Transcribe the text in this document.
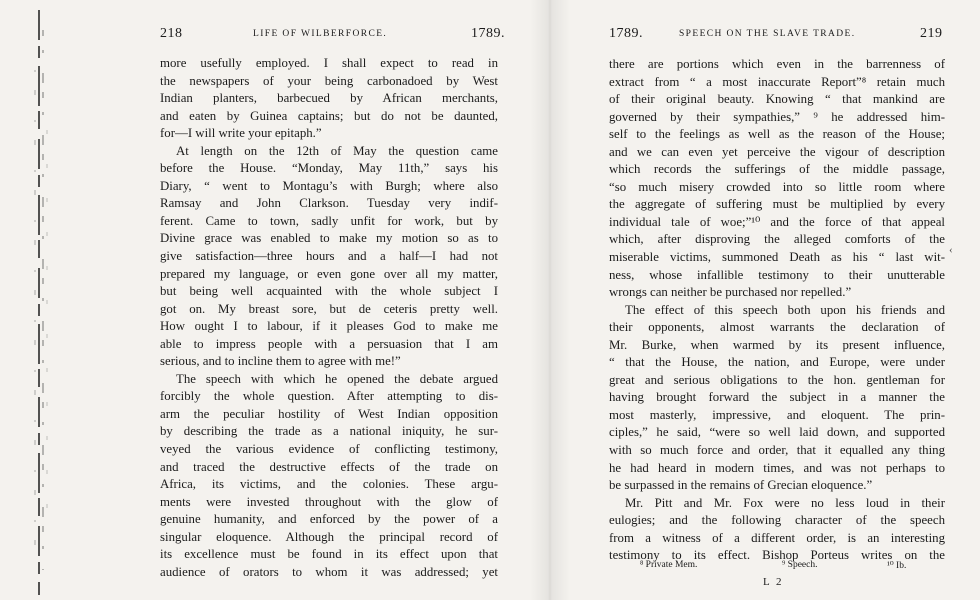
218	LIFE OF WILBERFORCE.	1789.
more usefully employed. I shall expect to read in
the newspapers of your being carbonadoed by West
Indian planters, barbecued by African merchants,
and eaten by Guinea captains; but do not be daunted,
for—I will write your epitaph.”
At length on the 12th of May the question came
before the House. “Monday, May 11th,” says his
Diary, “ went to Montagu’s with Burgh; where also
Ramsay and John Clarkson. Tuesday very indif-
ferent. Came to town, sadly unfit for work, but by
Divine grace was enabled to make my motion so as to
give satisfaction—three hours and a half—I had not
prepared my language, or even gone over all my matter,
but being well acquainted with the whole subject I
got on. My breast sore, but de ceteris pretty well.
How ought I to labour, if it pleases God to make me
able to impress people with a persuasion that I am
serious, and to incline them to agree with me!”
The speech with which he opened the debate argued
forcibly the whole question. After attempting to dis-
arm the peculiar hostility of West Indian opposition
by describing the trade as a national iniquity, he sur-
veyed the various evidence of conflicting testimony,
and traced the destructive effects of the trade on
Africa, its victims, and the colonies. These argu-
ments were invested throughout with the glow of
genuine humanity, and enforced by the power of a
singular eloquence. Although the principal record of
its excellence must be found in its effect upon that
audience of orators to whom it was addressed; yet
1789.	SPEECH ON THE SLAVE TRADE.	219
there are portions which even in the barrenness of
extract from “ a most inaccurate Report”⁸ retain much
of their original beauty. Knowing “ that mankind are
governed by their sympathies,” ⁹ he addressed him-
self to the feelings as well as the reason of the House;
and we can even yet perceive the vigour of description
which records the sufferings of the middle passage,
“so much misery crowded into so little room where
the aggregate of suffering must be multiplied by every
individual tale of woe;”¹⁰ and the force of that appeal
which, after disproving the alleged comforts of the
miserable victims, summoned Death as his “ last wit-
ness, whose infallible testimony to their unutterable
wrongs can neither be purchased nor repelled.”
The effect of this speech both upon his friends and
their opponents, almost warrants the declaration of
Mr. Burke, when warmed by its present influence,
“ that the House, the nation, and Europe, were under
great and serious obligations to the hon. gentleman for
having brought forward the subject in a manner the
most masterly, impressive, and eloquent. The prin-
ciples,” he said, “were so well laid down, and supported
with so much force and order, that it equalled any thing
he had heard in modern times, and was not perhaps to
be surpassed in the remains of Grecian eloquence.”
Mr. Pitt and Mr. Fox were no less loud in their
eulogies; and the following character of the speech
from a witness of a different order, is an interesting
testimony to its effect. Bishop Porteus writes on the
‹
⁸ Private Mem.	⁹ Speech.	¹⁰ Ib.
L 2
